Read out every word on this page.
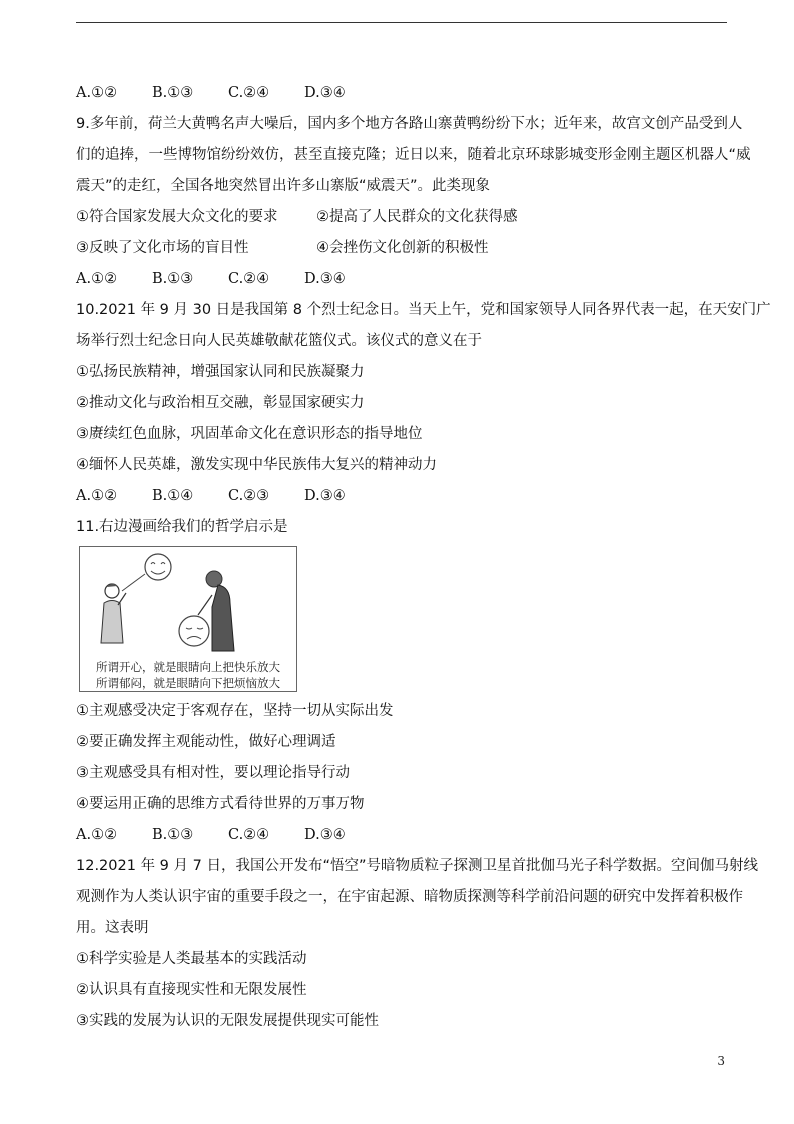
A.①②	B.①③	C.②④	D.③④
9.多年前，荷兰大黄鸭名声大噪后，国内多个地方各路山寨黄鸭纷纷下水；近年来，故宫文创产品受到人
们的追捧，一些博物馆纷纷效仿，甚至直接克隆；近日以来，随着北京环球影城变形金刚主题区机器人“威
震天”的走红，全国各地突然冒出许多山寨版“威震天”。此类现象
①符合国家发展大众文化的要求	②提高了人民群众的文化获得感
③反映了文化市场的盲目性	④会挫伤文化创新的积极性
A.①②	B.①③	C.②④	D.③④
10.2021 年 9 月 30 日是我国第 8 个烈士纪念日。当天上午，党和国家领导人同各界代表一起，在天安门广
场举行烈士纪念日向人民英雄敬献花篮仪式。该仪式的意义在于
①弘扬民族精神，增强国家认同和民族凝聚力
②推动文化与政治相互交融，彰显国家硬实力
③赓续红色血脉，巩固革命文化在意识形态的指导地位
④缅怀人民英雄，激发实现中华民族伟大复兴的精神动力
A.①②	B.①④	C.②③	D.③④
11.右边漫画给我们的哲学启示是
所谓开心，就是眼睛向上把快乐放大
所谓郁闷，就是眼睛向下把烦恼放大
①主观感受决定于客观存在，坚持一切从实际出发
②要正确发挥主观能动性，做好心理调适
③主观感受具有相对性，要以理论指导行动
④要运用正确的思维方式看待世界的万事万物
A.①②	B.①③	C.②④	D.③④
12.2021 年 9 月 7 日，我国公开发布“悟空”号暗物质粒子探测卫星首批伽马光子科学数据。空间伽马射线
观测作为人类认识宇宙的重要手段之一，在宇宙起源、暗物质探测等科学前沿问题的研究中发挥着积极作
用。这表明
①科学实验是人类最基本的实践活动
②认识具有直接现实性和无限发展性
③实践的发展为认识的无限发展提供现实可能性
3
